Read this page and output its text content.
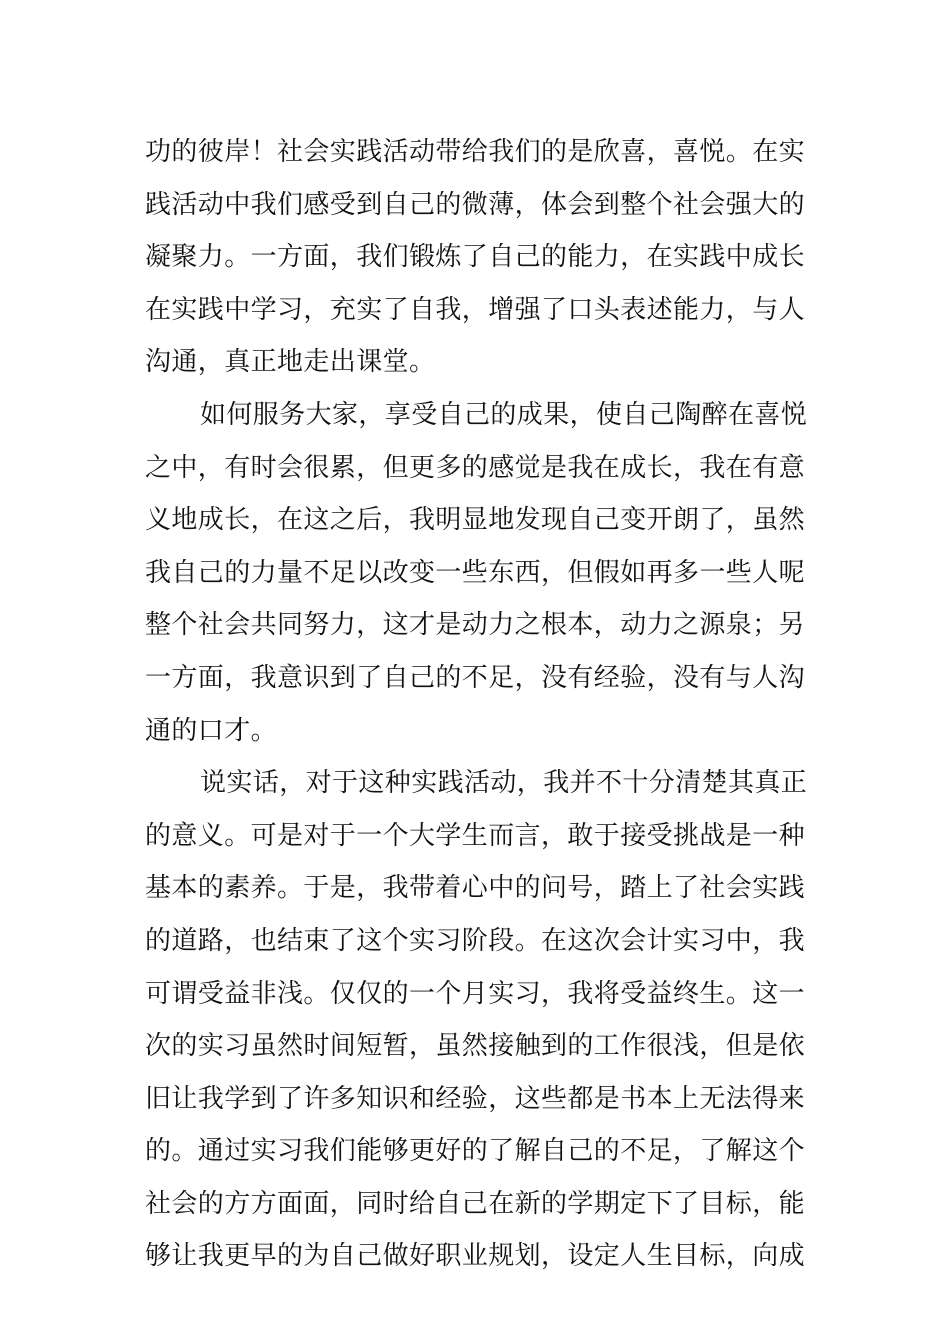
功的彼岸！社会实践活动带给我们的是欣喜，喜悦。在实
践活动中我们感受到自己的微薄，体会到整个社会强大的
凝聚力。一方面，我们锻炼了自己的能力，在实践中成长
在实践中学习，充实了自我，增强了口头表述能力，与人
沟通，真正地走出课堂。
如何服务大家，享受自己的成果，使自己陶醉在喜悦
之中，有时会很累，但更多的感觉是我在成长，我在有意
义地成长，在这之后，我明显地发现自己变开朗了，虽然
我自己的力量不足以改变一些东西，但假如再多一些人呢
整个社会共同努力，这才是动力之根本，动力之源泉；另
一方面，我意识到了自己的不足，没有经验，没有与人沟
通的口才。
说实话，对于这种实践活动，我并不十分清楚其真正
的意义。可是对于一个大学生而言，敢于接受挑战是一种
基本的素养。于是，我带着心中的问号，踏上了社会实践
的道路，也结束了这个实习阶段。在这次会计实习中，我
可谓受益非浅。仅仅的一个月实习，我将受益终生。这一
次的实习虽然时间短暂，虽然接触到的工作很浅，但是依
旧让我学到了许多知识和经验，这些都是书本上无法得来
的。通过实习我们能够更好的了解自己的不足，了解这个
社会的方方面面，同时给自己在新的学期定下了目标，能
够让我更早的为自己做好职业规划，设定人生目标，向成
